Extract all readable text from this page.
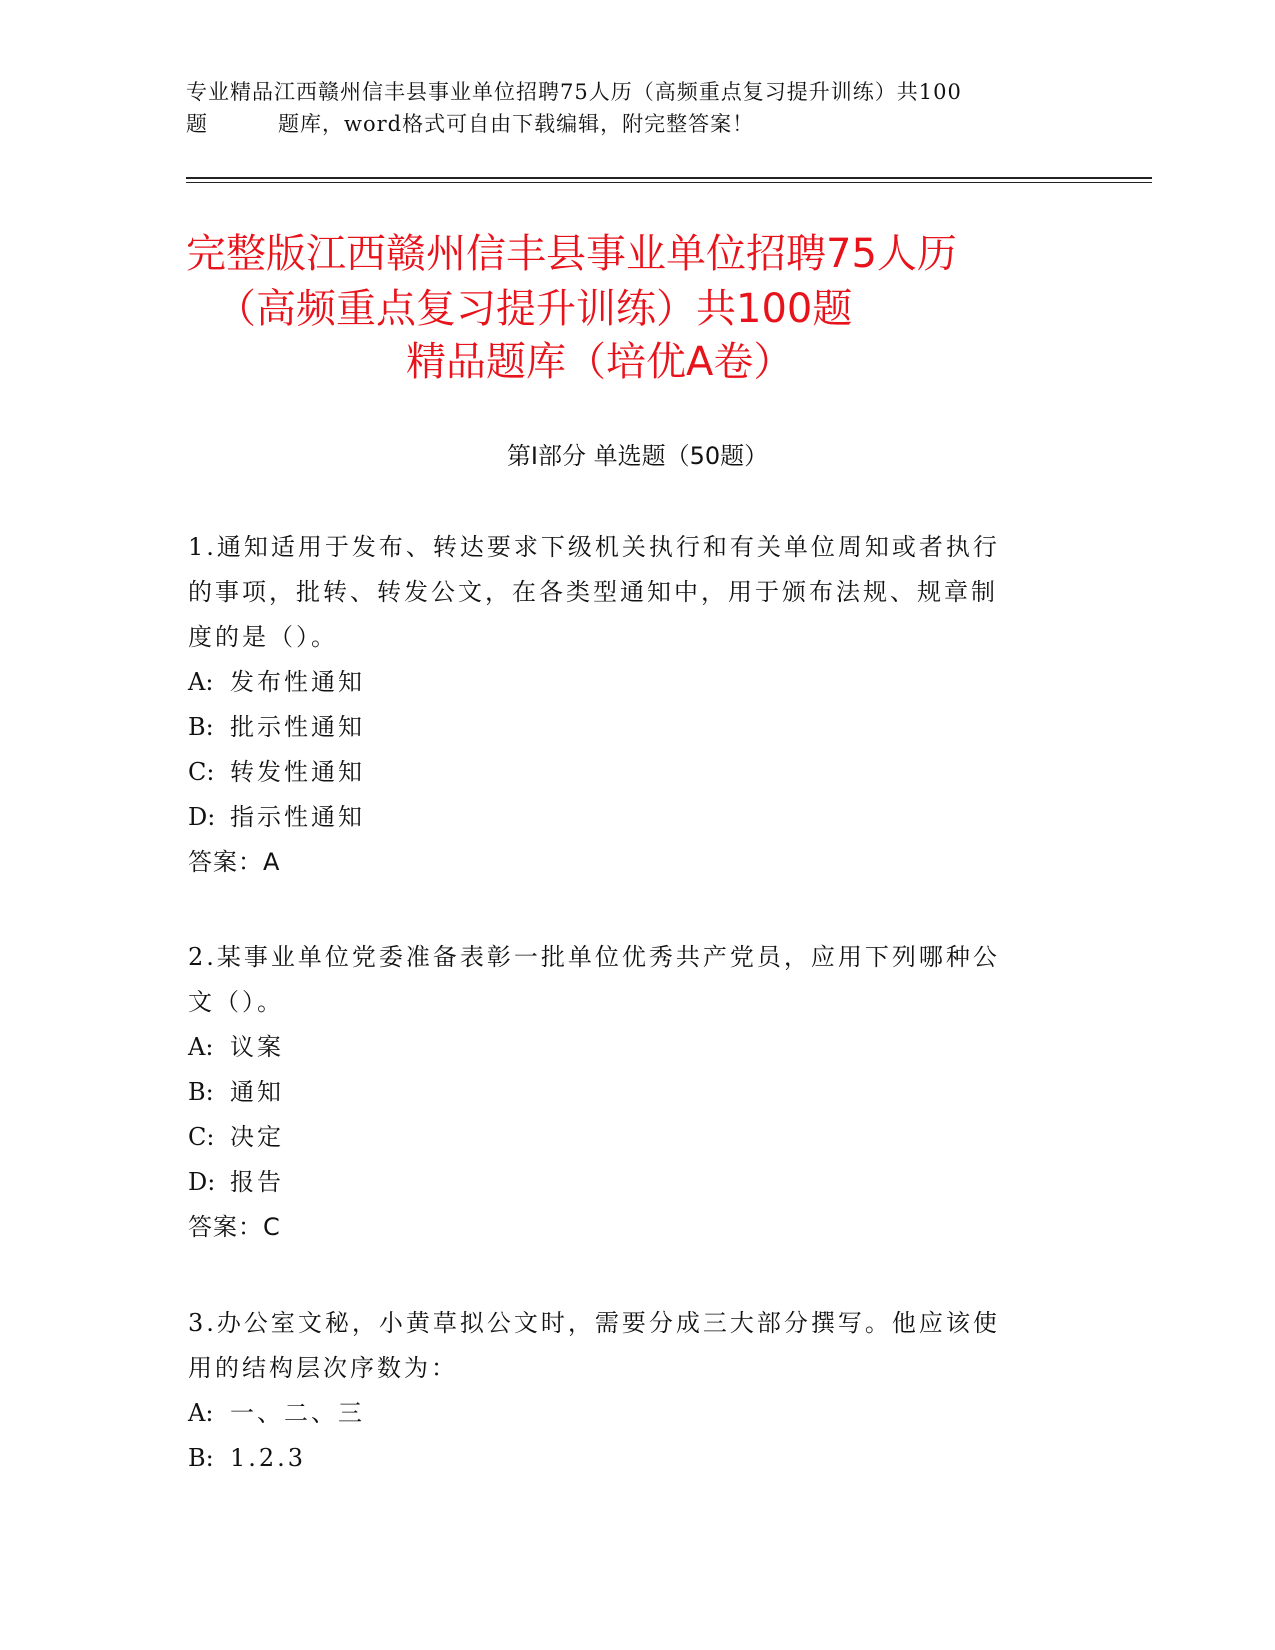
专业精品江西赣州信丰县事业单位招聘75人历（高频重点复习提升训练）共100
题	题库，word格式可自由下载编辑，附完整答案！
完整版江西赣州信丰县事业单位招聘75人历
（高频重点复习提升训练）共100题
精品题库（培优A卷）
第I部分 单选题（50题）
1.通知适用于发布、转达要求下级机关执行和有关单位周知或者执行
的事项，批转、转发公文，在各类型通知中，用于颁布法规、规章制
度的是（）。
A: 发布性通知
B: 批示性通知
C: 转发性通知
D: 指示性通知
答案：A
2.某事业单位党委准备表彰一批单位优秀共产党员，应用下列哪种公
文（）。
A: 议案
B: 通知
C: 决定
D: 报告
答案：C
3.办公室文秘，小黄草拟公文时，需要分成三大部分撰写。他应该使
用的结构层次序数为：
A: 一、二、三
B: 1.2.3
